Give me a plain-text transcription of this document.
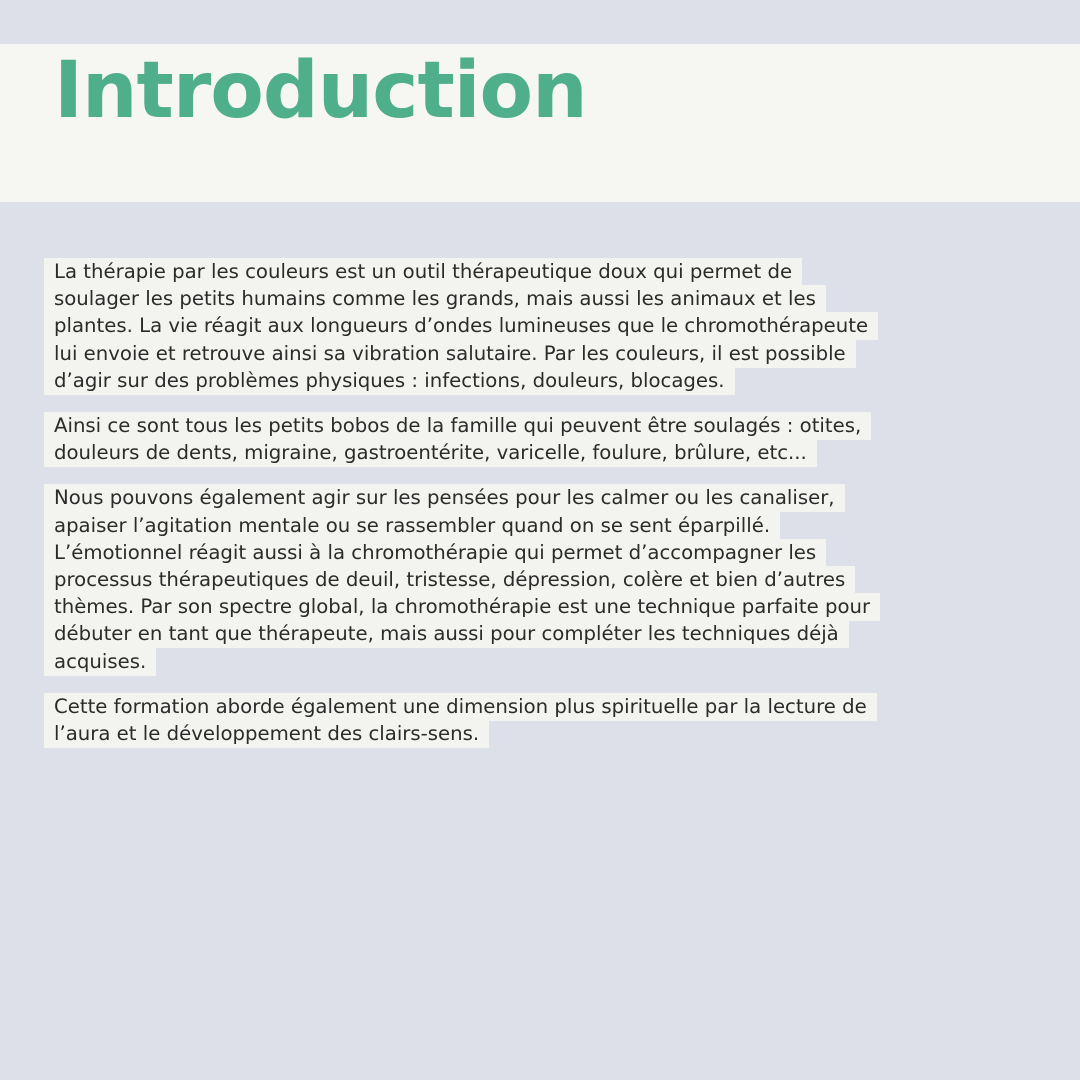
Introduction

La thérapie par les couleurs est un outil thérapeutique doux qui permet de
soulager les petits humains comme les grands, mais aussi les animaux et les
plantes. La vie réagit aux longueurs d’ondes lumineuses que le chromothérapeute
lui envoie et retrouve ainsi sa vibration salutaire. Par les couleurs, il est possible
d’agir sur des problèmes physiques : infections, douleurs, blocages.

Ainsi ce sont tous les petits bobos de la famille qui peuvent être soulagés : otites,
douleurs de dents, migraine, gastroentérite, varicelle, foulure, brûlure, etc...

Nous pouvons également agir sur les pensées pour les calmer ou les canaliser,
apaiser l’agitation mentale ou se rassembler quand on se sent éparpillé.
L’émotionnel réagit aussi à la chromothérapie qui permet d’accompagner les
processus thérapeutiques de deuil, tristesse, dépression, colère et bien d’autres
thèmes. Par son spectre global, la chromothérapie est une technique parfaite pour
débuter en tant que thérapeute, mais aussi pour compléter les techniques déjà
acquises.

Cette formation aborde également une dimension plus spirituelle par la lecture de
l’aura et le développement des clairs-sens.
